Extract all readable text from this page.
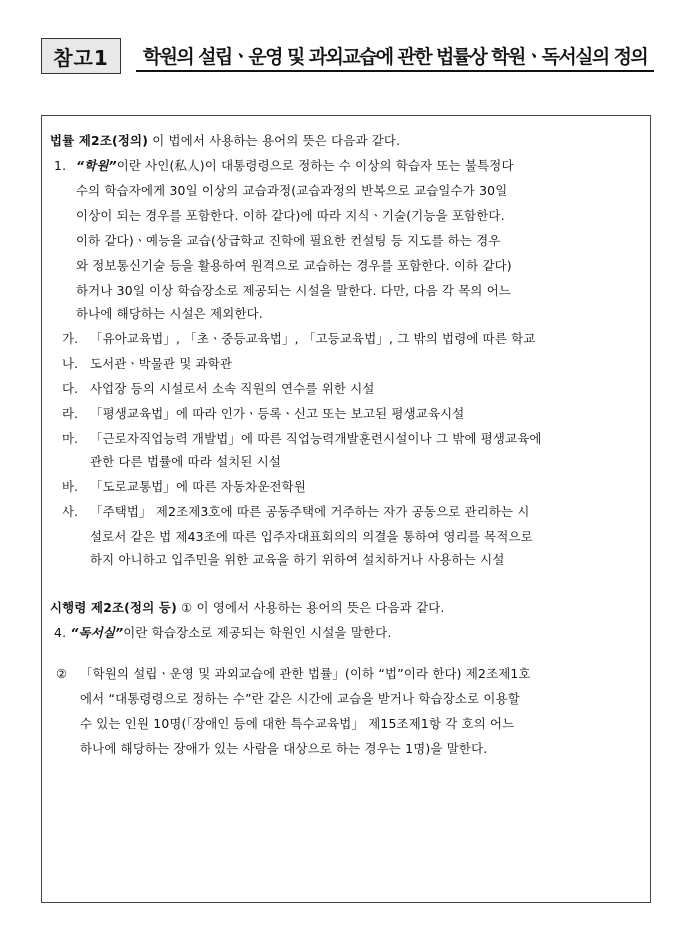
참고1	학원의 설립ㆍ운영 및 과외교습에 관한 법률상 학원ㆍ독서실의 정의
법률 제2조(정의) 이 법에서 사용하는 용어의 뜻은 다음과 같다.
1. “학원”이란 사인(私人)이 대통령령으로 정하는 수 이상의 학습자 또는 불특정다
수의 학습자에게 30일 이상의 교습과정(교습과정의 반복으로 교습일수가 30일
이상이 되는 경우를 포함한다. 이하 같다)에 따라 지식ㆍ기술(기능을 포함한다.
이하 같다)ㆍ예능을 교습(상급학교 진학에 필요한 컨설팅 등 지도를 하는 경우
와 정보통신기술 등을 활용하여 원격으로 교습하는 경우를 포함한다. 이하 같다)
하거나 30일 이상 학습장소로 제공되는 시설을 말한다. 다만, 다음 각 목의 어느
하나에 해당하는 시설은 제외한다.
가. 「유아교육법」, 「초ㆍ중등교육법」, 「고등교육법」, 그 밖의 법령에 따른 학교
나. 도서관ㆍ박물관 및 과학관
다. 사업장 등의 시설로서 소속 직원의 연수를 위한 시설
라. 「평생교육법」에 따라 인가ㆍ등록ㆍ신고 또는 보고된 평생교육시설
마. 「근로자직업능력 개발법」에 따른 직업능력개발훈련시설이나 그 밖에 평생교육에
관한 다른 법률에 따라 설치된 시설
바. 「도로교통법」에 따른 자동차운전학원
사. 「주택법」 제2조제3호에 따른 공동주택에 거주하는 자가 공동으로 관리하는 시
설로서 같은 법 제43조에 따른 입주자대표회의의 의결을 통하여 영리를 목적으로
하지 아니하고 입주민을 위한 교육을 하기 위하여 설치하거나 사용하는 시설
시행령 제2조(정의 등) ① 이 영에서 사용하는 용어의 뜻은 다음과 같다.
4. “독서실”이란 학습장소로 제공되는 학원인 시설을 말한다.
② 「학원의 설립ㆍ운영 및 과외교습에 관한 법률」(이하 “법”이라 한다) 제2조제1호
에서 “대통령령으로 정하는 수”란 같은 시간에 교습을 받거나 학습장소로 이용할
수 있는 인원 10명(「장애인 등에 대한 특수교육법」 제15조제1항 각 호의 어느
하나에 해당하는 장애가 있는 사람을 대상으로 하는 경우는 1명)을 말한다.
